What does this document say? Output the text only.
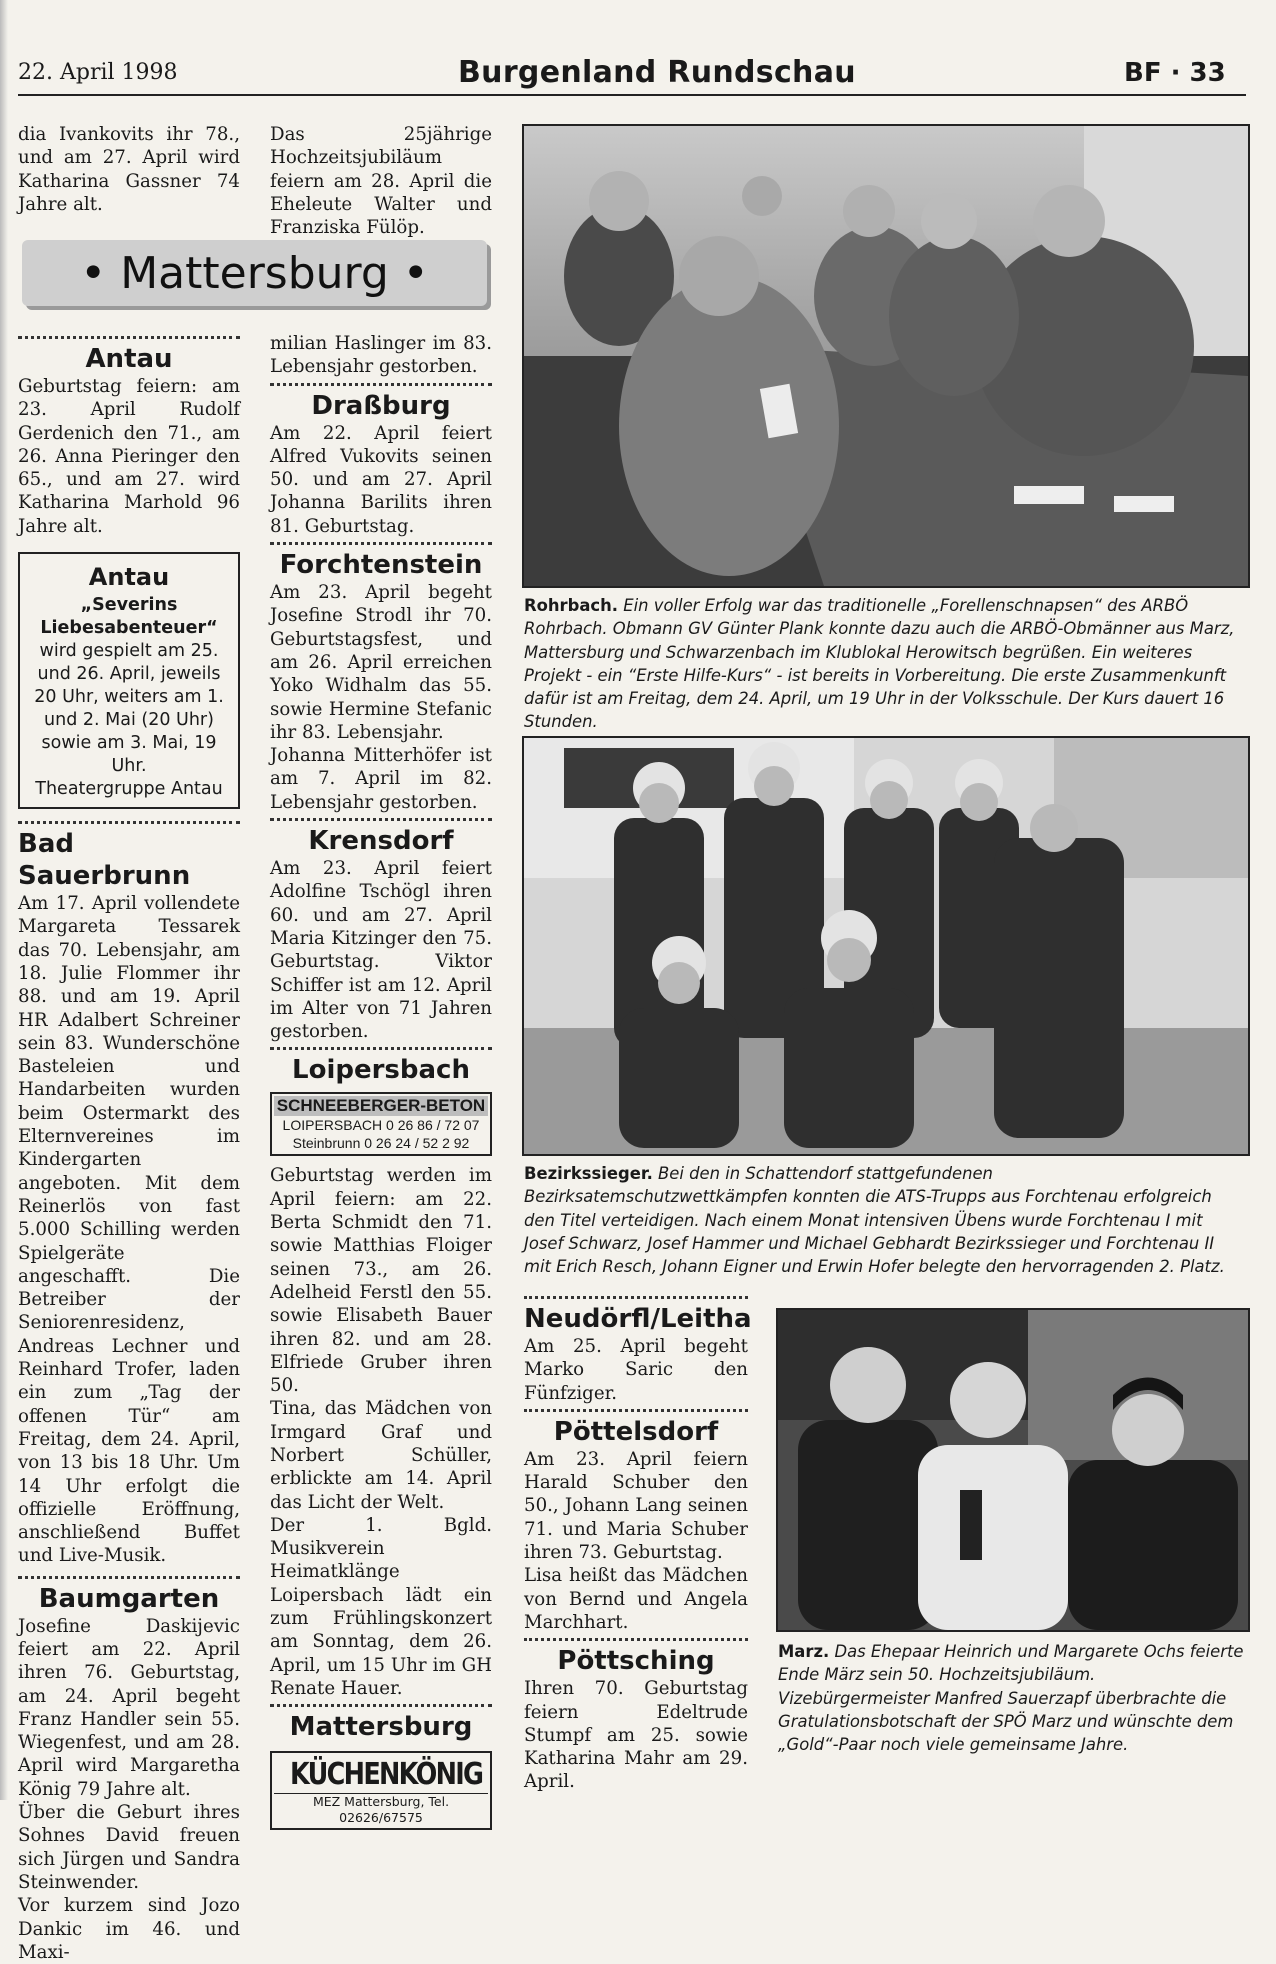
22. April 1998	Burgenland Rundschau	BF · 33

dia Ivankovits ihr 78., und am 27. April wird Katharina Gassner 74 Jahre alt.

Das 25jährige Hochzeitsjubiläum feiern am 28. April die Eheleute Walter und Franziska Fülöp.

• Mattersburg •
Antau

Geburtstag feiern: am 23. April Rudolf Gerdenich den 71., am 26. Anna Pieringer den 65., und am 27. wird Katharina Marhold 96 Jahre alt.

Antau
„Severins
Liebesabenteuer“
wird gespielt am 25. und 26. April, jeweils 20 Uhr, weiters am 1. und 2. Mai (20 Uhr) sowie am 3. Mai, 19 Uhr.
Theatergruppe Antau
Bad Sauerbrunn

Am 17. April vollendete Margareta Tessarek das 70. Lebensjahr, am 18. Julie Flommer ihr 88. und am 19. April HR Adalbert Schreiner sein 83. Wunderschöne Basteleien und Handarbeiten wurden beim Ostermarkt des Elternvereines im Kindergarten angeboten. Mit dem Reinerlös von fast 5.000 Schilling werden Spielgeräte angeschafft. Die Betreiber der Seniorenresidenz, Andreas Lechner und Reinhard Trofer, laden ein zum „Tag der offenen Tür“ am Freitag, dem 24. April, von 13 bis 18 Uhr. Um 14 Uhr erfolgt die offizielle Eröffnung, anschließend Buffet und Live-Musik.

Baumgarten

Josefine Daskijevic feiert am 22. April ihren 76. Geburtstag, am 24. April begeht Franz Handler sein 55. Wiegenfest, und am 28. April wird Margaretha König 79 Jahre alt.

Über die Geburt ihres Sohnes David freuen sich Jürgen und Sandra Steinwender.

Vor kurzem sind Jozo Dankic im 46. und Maxi-

milian Haslinger im 83. Lebensjahr gestorben.

Draßburg

Am 22. April feiert Alfred Vukovits seinen 50. und am 27. April Johanna Barilits ihren 81. Geburtstag.

Forchtenstein

Am 23. April begeht Josefine Strodl ihr 70. Geburtstagsfest, und am 26. April erreichen Yoko Widhalm das 55. sowie Hermine Stefanic ihr 83. Lebensjahr.

Johanna Mitterhöfer ist am 7. April im 82. Lebensjahr gestorben.

Krensdorf

Am 23. April feiert Adolfine Tschögl ihren 60. und am 27. April Maria Kitzinger den 75. Geburtstag. Viktor Schiffer ist am 12. April im Alter von 71 Jahren gestorben.

Loipersbach
SCHNEEBERGER-BETON
LOIPERSBACH 0 26 86 / 72 07
Steinbrunn 0 26 24 / 52 2 92

Geburtstag werden im April feiern: am 22. Berta Schmidt den 71. sowie Matthias Floiger seinen 73., am 26. Adelheid Ferstl den 55. sowie Elisabeth Bauer ihren 82. und am 28. Elfriede Gruber ihren 50.

Tina, das Mädchen von Irmgard Graf und Norbert Schüller, erblickte am 14. April das Licht der Welt.

Der 1. Bgld. Musikverein Heimatklänge Loipersbach lädt ein zum Frühlingskonzert am Sonntag, dem 26. April, um 15 Uhr im GH Renate Hauer.

Mattersburg
KÜCHENKÖNIG
MEZ Mattersburg, Tel. 02626/67575
Rohrbach. Ein voller Erfolg war das traditionelle „Forellenschnapsen“ des ARBÖ Rohrbach. Obmann GV Günter Plank konnte dazu auch die ARBÖ-Obmänner aus Marz, Mattersburg und Schwarzenbach im Klublokal Herowitsch begrüßen. Ein weiteres Projekt - ein “Erste Hilfe-Kurs“ - ist bereits in Vorbereitung. Die erste Zusammenkunft dafür ist am Freitag, dem 24. April, um 19 Uhr in der Volksschule. Der Kurs dauert 16 Stunden.
Bezirkssieger. Bei den in Schattendorf stattgefundenen Bezirksatemschutzwettkämpfen konnten die ATS-Trupps aus Forchtenau erfolgreich den Titel verteidigen. Nach einem Monat intensiven Übens wurde Forchtenau I mit Josef Schwarz, Josef Hammer und Michael Gebhardt Bezirkssieger und Forchtenau II mit Erich Resch, Johann Eigner und Erwin Hofer belegte den hervorragenden 2. Platz.
Neudörfl/Leitha

Am 25. April begeht Marko Saric den Fünfziger.

Pöttelsdorf

Am 23. April feiern Harald Schuber den 50., Johann Lang seinen 71. und Maria Schuber ihren 73. Geburtstag.

Lisa heißt das Mädchen von Bernd und Angela Marchhart.

Pöttsching

Ihren 70. Geburtstag feiern Edeltrude Stumpf am 25. sowie Katharina Mahr am 29. April.

Marz. Das Ehepaar Heinrich und Margarete Ochs feierte Ende März sein 50. Hochzeitsjubiläum. Vizebürgermeister Manfred Sauerzapf überbrachte die Gratulationsbotschaft der SPÖ Marz und wünschte dem „Gold“-Paar noch viele gemeinsame Jahre.
